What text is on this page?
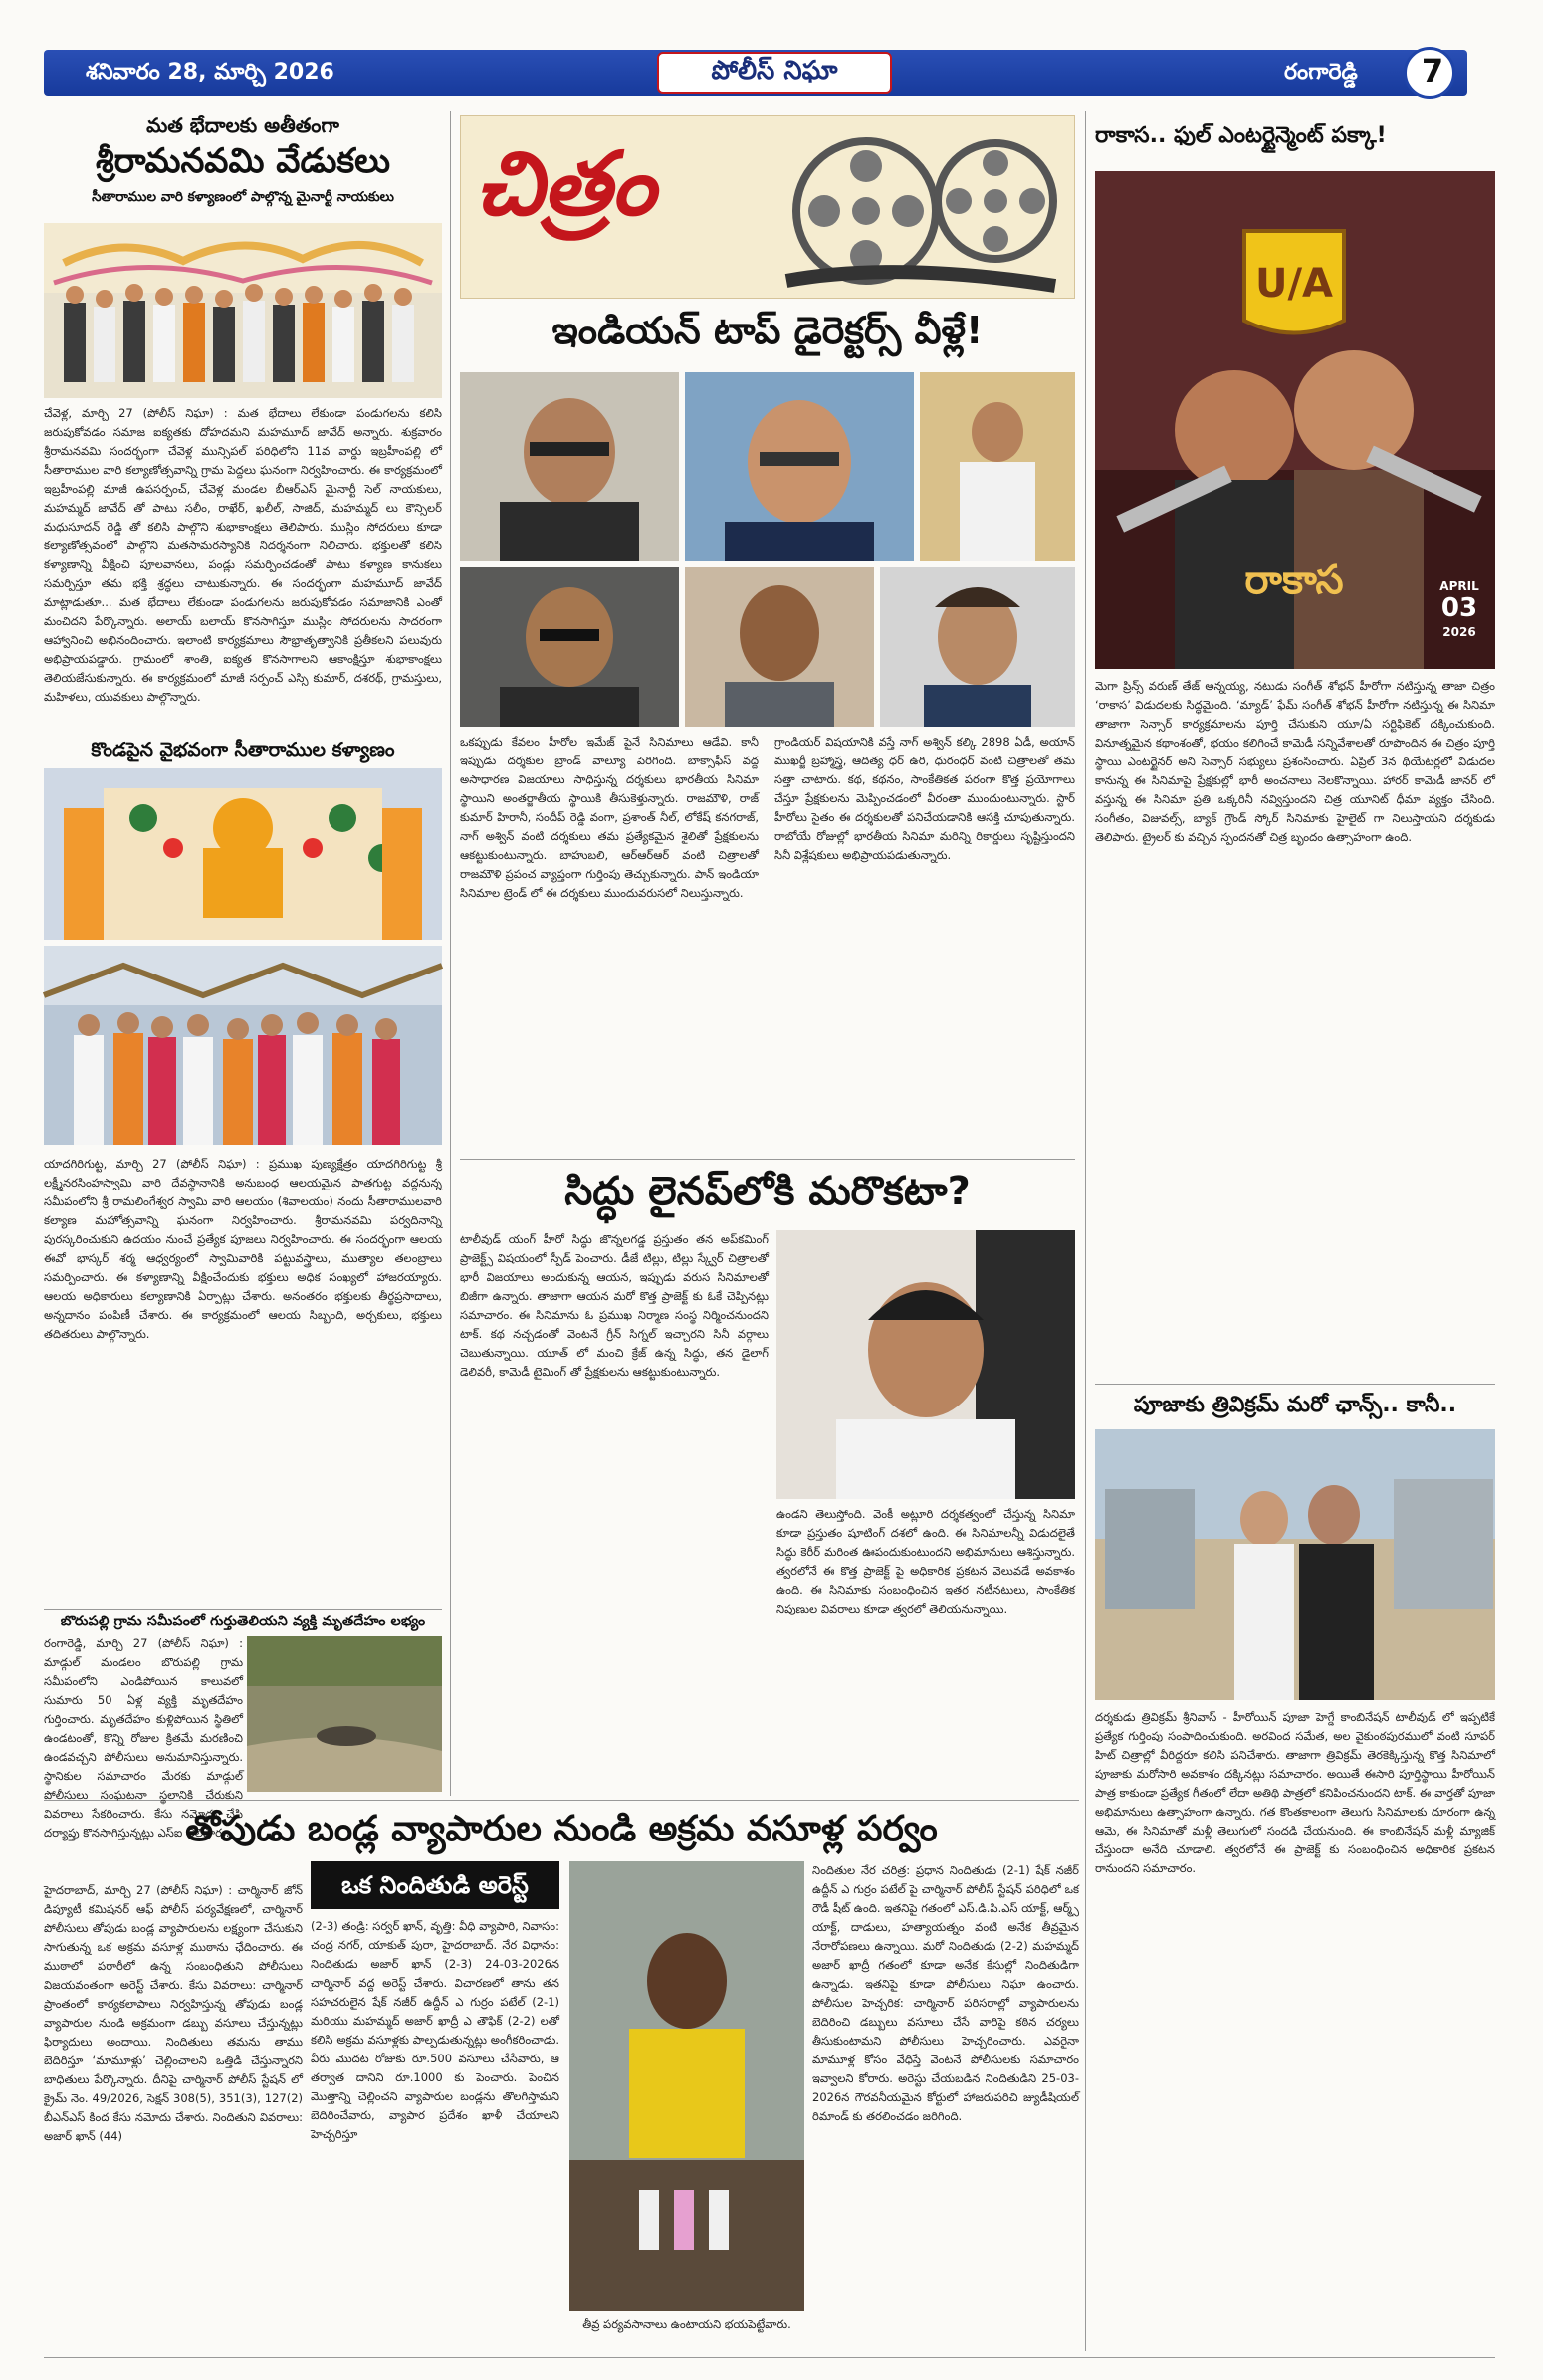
శనివారం 28, మార్చి 2026	పోలీస్ నిఘా	రంగారెడ్డి	7
మత భేదాలకు అతీతంగా
శ్రీరామనవమి వేడుకలు
సీతారాముల వారి కళ్యాణంలో పాల్గొన్న మైనార్టీ నాయకులు
చేవెళ్ల, మార్చి 27 (పోలీస్ నిఘా) : మత భేదాలు లేకుండా పండుగలను కలిసి జరుపుకోవడం సమాజ ఐక్యతకు దోహదమని మహమూద్ జావేద్ అన్నారు. శుక్రవారం శ్రీరామనవమి సందర్భంగా చేవెళ్ల మున్సిపల్ పరిధిలోని 11వ వార్డు ఇబ్రహీంపల్లి లో సీతారాముల వారి కల్యాణోత్సవాన్ని గ్రామ పెద్దలు ఘనంగా నిర్వహించారు. ఈ కార్యక్రమంలో ఇబ్రహీంపల్లి మాజీ ఉపసర్పంచ్, చేవెళ్ల మండల బీఆర్ఎస్ మైనార్టీ సెల్ నాయకులు, మహమ్మద్ జావేద్ తో పాటు సలీం, రాఖేర్, ఖలీల్, సాజిద్, మహమ్మద్ లు కౌన్సిలర్ మధుసూదన్ రెడ్డి తో కలిసి పాల్గొని శుభాకాంక్షలు తెలిపారు. ముస్లిం సోదరులు కూడా కల్యాణోత్సవంలో పాల్గొని మతసామరస్యానికి నిదర్శనంగా నిలిచారు. భక్తులతో కలిసి కళ్యాణాన్ని వీక్షించి పూలవానలు, పండ్లు సమర్పించడంతో పాటు కళ్యాణ కానుకలు సమర్పిస్తూ తమ భక్తి శ్రద్ధలు చాటుకున్నారు. ఈ సందర్భంగా మహమూద్ జావేద్ మాట్లాడుతూ... మత భేదాలు లేకుండా పండుగలను జరుపుకోవడం సమాజానికి ఎంతో మంచిదని పేర్కొన్నారు. అలాయ్ బలాయ్ కొనసాగిస్తూ ముస్లిం సోదరులను సాదరంగా ఆహ్వానించి అభినందించారు. ఇలాంటి కార్యక్రమాలు సౌభ్రాతృత్వానికి ప్రతీకలని పలువురు అభిప్రాయపడ్డారు. గ్రామంలో శాంతి, ఐక్యత కొనసాగాలని ఆకాంక్షిస్తూ శుభాకాంక్షలు తెలియజేసుకున్నారు. ఈ కార్యక్రమంలో మాజీ సర్పంచ్ ఎస్సి కుమార్, దశరథ్, గ్రామస్తులు, మహిళలు, యువకులు పాల్గొన్నారు.
కొండపైన వైభవంగా సీతారాముల కళ్యాణం
యాదగిరిగుట్ట, మార్చి 27 (పోలీస్ నిఘా) : ప్రముఖ పుణ్యక్షేత్రం యాదగిరిగుట్ట శ్రీ లక్ష్మీనరసింహస్వామి వారి దేవస్థానానికి అనుబంధ ఆలయమైన పాతగుట్ట వద్దనున్న సమీపంలోని శ్రీ రామలింగేశ్వర స్వామి వారి ఆలయం (శివాలయం) నందు సీతారాములవారి కల్యాణ మహోత్సవాన్ని ఘనంగా నిర్వహించారు. శ్రీరామనవమి పర్వదినాన్ని పురస్కరించుకుని ఉదయం నుంచే ప్రత్యేక పూజలు నిర్వహించారు. ఈ సందర్భంగా ఆలయ ఈవో భాస్కర్ శర్మ ఆధ్వర్యంలో స్వామివారికి పట్టువస్త్రాలు, ముత్యాల తలంబ్రాలు సమర్పించారు. ఈ కళ్యాణాన్ని వీక్షించేందుకు భక్తులు అధిక సంఖ్యలో హాజరయ్యారు. ఆలయ అధికారులు కల్యాణానికి ఏర్పాట్లు చేశారు. అనంతరం భక్తులకు తీర్థప్రసాదాలు, అన్నదానం పంపిణీ చేశారు. ఈ కార్యక్రమంలో ఆలయ సిబ్బంది, అర్చకులు, భక్తులు తదితరులు పాల్గొన్నారు.
బొరుపల్లి గ్రామ సమీపంలో గుర్తుతెలియని వ్యక్తి మృతదేహం లభ్యం
రంగారెడ్డి, మార్చి 27 (పోలీస్ నిఘా) : మాడ్గుల్ మండలం బొరుపల్లి గ్రామ సమీపంలోని ఎండిపోయిన కాలువలో సుమారు 50 ఏళ్ల వ్యక్తి మృతదేహం గుర్తించారు. మృతదేహం కుళ్లిపోయిన స్థితిలో ఉండటంతో, కొన్ని రోజుల క్రితమే మరణించి ఉండవచ్చని పోలీసులు అనుమానిస్తున్నారు. స్థానికుల సమాచారం మేరకు మాడ్గుల్ పోలీసులు సంఘటనా స్థలానికి చేరుకుని వివరాలు సేకరించారు. కేసు నమోదు చేసి దర్యాప్తు కొనసాగిస్తున్నట్లు ఎస్ఐ తెలిపారు.
చిత్రం
ఇండియన్ టాప్ డైరెక్టర్స్ వీళ్లే!
ఒకప్పుడు కేవలం హీరోల ఇమేజ్ పైనే సినిమాలు ఆడేవి. కానీ ఇప్పుడు దర్శకుల బ్రాండ్ వాల్యూ పెరిగింది. బాక్సాఫీస్ వద్ద అసాధారణ విజయాలు సాధిస్తున్న దర్శకులు భారతీయ సినిమా స్థాయిని అంతర్జాతీయ స్థాయికి తీసుకెళ్తున్నారు. రాజమౌళి, రాజ్ కుమార్ హిరానీ, సందీప్ రెడ్డి వంగా, ప్రశాంత్ నీల్, లోకేష్ కనగరాజ్, నాగ్ అశ్విన్ వంటి దర్శకులు తమ ప్రత్యేకమైన శైలితో ప్రేక్షకులను ఆకట్టుకుంటున్నారు. బాహుబలి, ఆర్ఆర్ఆర్ వంటి చిత్రాలతో రాజమౌళి ప్రపంచ వ్యాప్తంగా గుర్తింపు తెచ్చుకున్నారు. పాన్ ఇండియా సినిమాల ట్రెండ్ లో ఈ దర్శకులు ముందువరుసలో నిలుస్తున్నారు.
గ్రాండియర్ విషయానికి వస్తే నాగ్ అశ్విన్ కల్కి 2898 ఏడీ, అయాన్ ముఖర్జీ బ్రహ్మాస్త్ర, ఆదిత్య ధర్ ఉరి, ధురంధర్ వంటి చిత్రాలతో తమ సత్తా చాటారు. కథ, కథనం, సాంకేతికత పరంగా కొత్త ప్రయోగాలు చేస్తూ ప్రేక్షకులను మెప్పించడంలో వీరంతా ముందుంటున్నారు. స్టార్ హీరోలు సైతం ఈ దర్శకులతో పనిచేయడానికి ఆసక్తి చూపుతున్నారు. రాబోయే రోజుల్లో భారతీయ సినిమా మరిన్ని రికార్డులు సృష్టిస్తుందని సినీ విశ్లేషకులు అభిప్రాయపడుతున్నారు.
సిద్ధు లైనప్‌లోకి మరొకటా?
టాలీవుడ్ యంగ్ హీరో సిద్ధు జొన్నలగడ్డ ప్రస్తుతం తన అప్‌కమింగ్ ప్రాజెక్ట్స్ విషయంలో స్పీడ్ పెంచారు. డీజే టిల్లు, టిల్లు స్క్వేర్ చిత్రాలతో భారీ విజయాలు అందుకున్న ఆయన, ఇప్పుడు వరుస సినిమాలతో బిజీగా ఉన్నారు. తాజాగా ఆయన మరో కొత్త ప్రాజెక్ట్ కు ఓకే చెప్పినట్లు సమాచారం. ఈ సినిమాను ఓ ప్రముఖ నిర్మాణ సంస్థ నిర్మించనుందని టాక్. కథ నచ్చడంతో వెంటనే గ్రీన్ సిగ్నల్ ఇచ్చారని సినీ వర్గాలు చెబుతున్నాయి. యూత్ లో మంచి క్రేజ్ ఉన్న సిద్ధు, తన డైలాగ్ డెలివరీ, కామెడీ టైమింగ్ తో ప్రేక్షకులను ఆకట్టుకుంటున్నారు.
ఉండని తెలుస్తోంది. వెంకీ అట్లూరి దర్శకత్వంలో చేస్తున్న సినిమా కూడా ప్రస్తుతం షూటింగ్ దశలో ఉంది. ఈ సినిమాలన్నీ విడుదలైతే సిద్ధు కెరీర్ మరింత ఊపందుకుంటుందని అభిమానులు ఆశిస్తున్నారు. త్వరలోనే ఈ కొత్త ప్రాజెక్ట్ పై అధికారిక ప్రకటన వెలువడే అవకాశం ఉంది. ఈ సినిమాకు సంబంధించిన ఇతర నటీనటులు, సాంకేతిక నిపుణుల వివరాలు కూడా త్వరలో తెలియనున్నాయి.
రాకాస.. ఫుల్ ఎంటర్టైన్మెంట్ పక్కా!
U/A
రాకాస	APRIL
03
2026
మెగా ప్రిన్స్ వరుణ్ తేజ్ అన్నయ్య, నటుడు సంగీత్ శోభన్ హీరోగా నటిస్తున్న తాజా చిత్రం ‘రాకాస’ విడుదలకు సిద్ధమైంది. ‘మ్యాడ్’ ఫేమ్ సంగీత్ శోభన్ హీరోగా నటిస్తున్న ఈ సినిమా తాజాగా సెన్సార్ కార్యక్రమాలను పూర్తి చేసుకుని యూ/ఏ సర్టిఫికెట్ దక్కించుకుంది. వినూత్నమైన కథాంశంతో, భయం కలిగించే కామెడీ సన్నివేశాలతో రూపొందిన ఈ చిత్రం పూర్తి స్థాయి ఎంటర్టైనర్ అని సెన్సార్ సభ్యులు ప్రశంసించారు. ఏప్రిల్ 3న థియేటర్లలో విడుదల కానున్న ఈ సినిమాపై ప్రేక్షకుల్లో భారీ అంచనాలు నెలకొన్నాయి. హారర్ కామెడీ జానర్ లో వస్తున్న ఈ సినిమా ప్రతి ఒక్కరినీ నవ్విస్తుందని చిత్ర యూనిట్ ధీమా వ్యక్తం చేసింది. సంగీతం, విజువల్స్, బ్యాక్ గ్రౌండ్ స్కోర్ సినిమాకు హైలైట్ గా నిలుస్తాయని దర్శకుడు తెలిపారు. ట్రైలర్ కు వచ్చిన స్పందనతో చిత్ర బృందం ఉత్సాహంగా ఉంది.
పూజాకు త్రివిక్రమ్ మరో ఛాన్స్.. కానీ..
దర్శకుడు త్రివిక్రమ్ శ్రీనివాస్ - హీరోయిన్ పూజా హెగ్డే కాంబినేషన్ టాలీవుడ్ లో ఇప్పటికే ప్రత్యేక గుర్తింపు సంపాదించుకుంది. అరవింద సమేత, అల వైకుంఠపురములో వంటి సూపర్ హిట్ చిత్రాల్లో వీరిద్దరూ కలిసి పనిచేశారు. తాజాగా త్రివిక్రమ్ తెరకెక్కిస్తున్న కొత్త సినిమాలో పూజాకు మరోసారి అవకాశం దక్కినట్లు సమాచారం. అయితే ఈసారి పూర్తిస్థాయి హీరోయిన్ పాత్ర కాకుండా ప్రత్యేక గీతంలో లేదా అతిథి పాత్రలో కనిపించనుందని టాక్. ఈ వార్తతో పూజా అభిమానులు ఉత్సాహంగా ఉన్నారు. గత కొంతకాలంగా తెలుగు సినిమాలకు దూరంగా ఉన్న ఆమె, ఈ సినిమాతో మళ్లీ తెలుగులో సందడి చేయనుంది. ఈ కాంబినేషన్ మళ్లీ మ్యాజిక్ చేస్తుందా అనేది చూడాలి. త్వరలోనే ఈ ప్రాజెక్ట్ కు సంబంధించిన అధికారిక ప్రకటన రానుందని సమాచారం.
తోపుడు బండ్ల వ్యాపారుల నుండి అక్రమ వసూళ్ల పర్వం
హైదరాబాద్, మార్చి 27 (పోలీస్ నిఘా) : చార్మినార్ జోన్ డిప్యూటీ కమిషనర్ ఆఫ్ పోలీస్ పర్యవేక్షణలో, చార్మినార్ పోలీసులు తోపుడు బండ్ల వ్యాపారులను లక్ష్యంగా చేసుకుని సాగుతున్న ఒక అక్రమ వసూళ్ల ముఠాను ఛేదించారు. ఈ ముఠాలో పరారీలో ఉన్న సంబంధితుని పోలీసులు విజయవంతంగా అరెస్ట్ చేశారు. కేసు వివరాలు: చార్మినార్ ప్రాంతంలో కార్యకలాపాలు నిర్వహిస్తున్న తోపుడు బండ్ల వ్యాపారుల నుండి అక్రమంగా డబ్బు వసూలు చేస్తున్నట్లు ఫిర్యాదులు అందాయి. నిందితులు తమను తాము బెదిరిస్తూ ‘మామూళ్లు’ చెల్లించాలని ఒత్తిడి చేస్తున్నారని బాధితులు పేర్కొన్నారు. దీనిపై చార్మినార్ పోలీస్ స్టేషన్ లో క్రైమ్ నెం. 49/2026, సెక్షన్ 308(5), 351(3), 127(2) బీఎన్ఎస్ కింద కేసు నమోదు చేశారు. నిందితుని వివరాలు: అజార్ ఖాన్ (44)
ఒక నిందితుడి అరెస్ట్
(2-3) తండ్రి: సర్వర్ ఖాన్, వృత్తి: వీధి వ్యాపారి, నివాసం: చంద్ర నగర్, యాకుత్ పురా, హైదరాబాద్. నేర విధానం: నిందితుడు అజార్ ఖాన్ (2-3) 24-03-2026న చార్మినార్ వద్ద అరెస్ట్ చేశారు. విచారణలో తాను తన సహచరులైన షేక్ నజీర్ ఉద్దీన్ ఎ గుర్రం పటేల్ (2-1) మరియు మహమ్మద్ అజార్ ఖాద్రీ ఎ తౌఫిక్ (2-2) లతో కలిసి అక్రమ వసూళ్లకు పాల్పడుతున్నట్లు అంగీకరించాడు. వీరు మొదట రోజుకు రూ.500 వసూలు చేసేవారు, ఆ తర్వాత దానిని రూ.1000 కు పెంచారు. పెంచిన మొత్తాన్ని చెల్లించని వ్యాపారుల బండ్లను తొలగిస్తామని బెదిరించేవారు, వ్యాపార ప్రదేశం ఖాళీ చేయాలని హెచ్చరిస్తూ
తీవ్ర పర్యవసానాలు ఉంటాయని భయపెట్టేవారు.
నిందితుల నేర చరిత్ర: ప్రధాన నిందితుడు (2-1) షేక్ నజీర్ ఉద్దీన్ ఎ గుర్రం పటేల్ పై చార్మినార్ పోలీస్ స్టేషన్ పరిధిలో ఒక రౌడీ షీట్ ఉంది. ఇతనిపై గతంలో ఎస్.డి.పి.ఎస్ యాక్ట్, ఆర్మ్స్ యాక్ట్, దాడులు, హత్యాయత్నం వంటి అనేక తీవ్రమైన నేరారోపణలు ఉన్నాయి. మరో నిందితుడు (2-2) మహమ్మద్ అజార్ ఖాద్రీ గతంలో కూడా అనేక కేసుల్లో నిందితుడిగా ఉన్నాడు. ఇతనిపై కూడా పోలీసులు నిఘా ఉంచారు. పోలీసుల హెచ్చరిక: చార్మినార్ పరిసరాల్లో వ్యాపారులను బెదిరించి డబ్బులు వసూలు చేసే వారిపై కఠిన చర్యలు తీసుకుంటామని పోలీసులు హెచ్చరించారు. ఎవరైనా మామూళ్ల కోసం వేధిస్తే వెంటనే పోలీసులకు సమాచారం ఇవ్వాలని కోరారు. అరెస్టు చేయబడిన నిందితుడిని 25-03-2026న గౌరవనీయమైన కోర్టులో హాజరుపరిచి జ్యుడీషియల్ రిమాండ్ కు తరలించడం జరిగింది.
